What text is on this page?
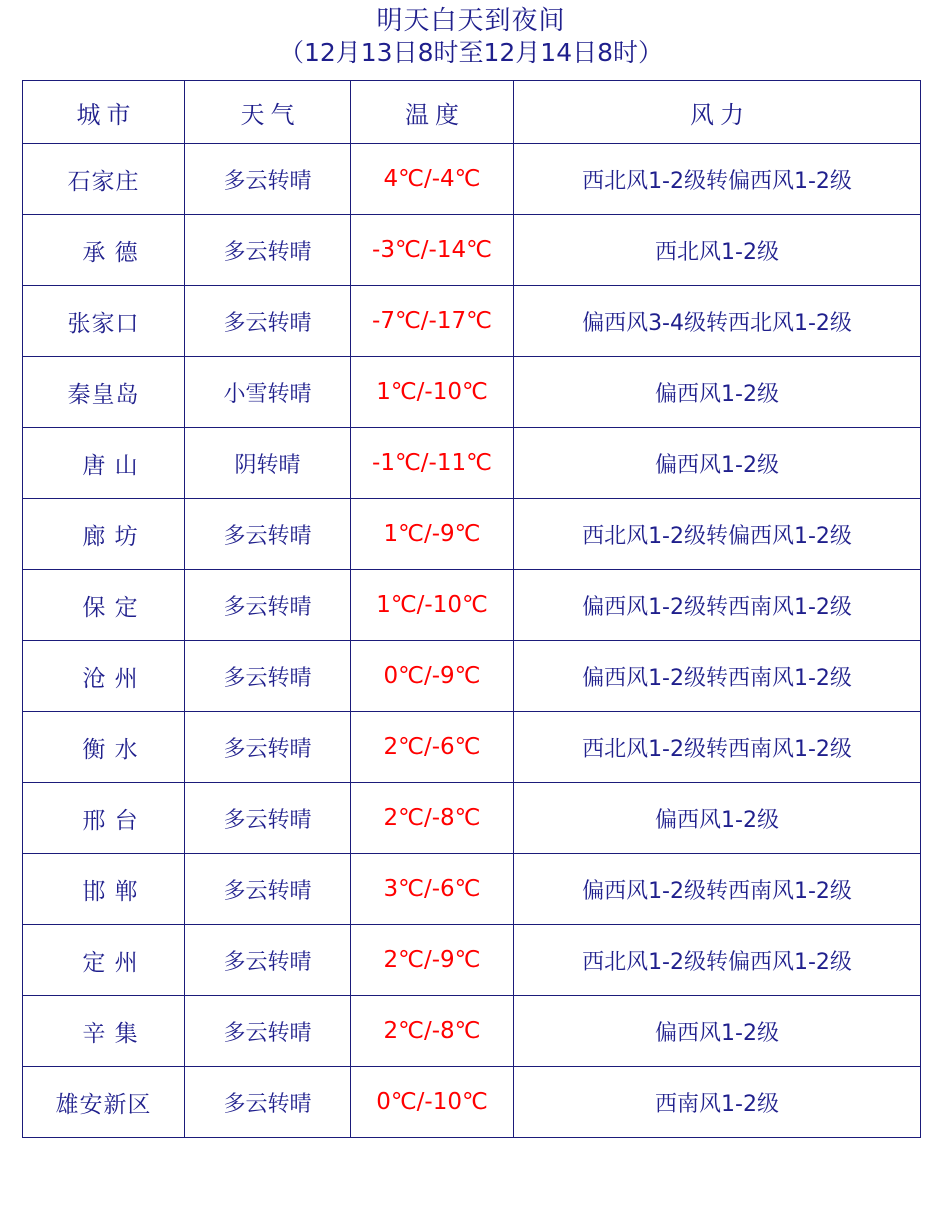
明天白天到夜间
（12月13日8时至12月14日8时）
城市	天气	温度	风力
石家庄	多云转晴	4℃/-4℃	西北风1-2级转偏西风1-2级
承 德	多云转晴	-3℃/-14℃	西北风1-2级
张家口	多云转晴	-7℃/-17℃	偏西风3-4级转西北风1-2级
秦皇岛	小雪转晴	1℃/-10℃	偏西风1-2级
唐 山	阴转晴	-1℃/-11℃	偏西风1-2级
廊 坊	多云转晴	1℃/-9℃	西北风1-2级转偏西风1-2级
保 定	多云转晴	1℃/-10℃	偏西风1-2级转西南风1-2级
沧 州	多云转晴	0℃/-9℃	偏西风1-2级转西南风1-2级
衡 水	多云转晴	2℃/-6℃	西北风1-2级转西南风1-2级
邢 台	多云转晴	2℃/-8℃	偏西风1-2级
邯 郸	多云转晴	3℃/-6℃	偏西风1-2级转西南风1-2级
定 州	多云转晴	2℃/-9℃	西北风1-2级转偏西风1-2级
辛 集	多云转晴	2℃/-8℃	偏西风1-2级
雄安新区	多云转晴	0℃/-10℃	西南风1-2级
